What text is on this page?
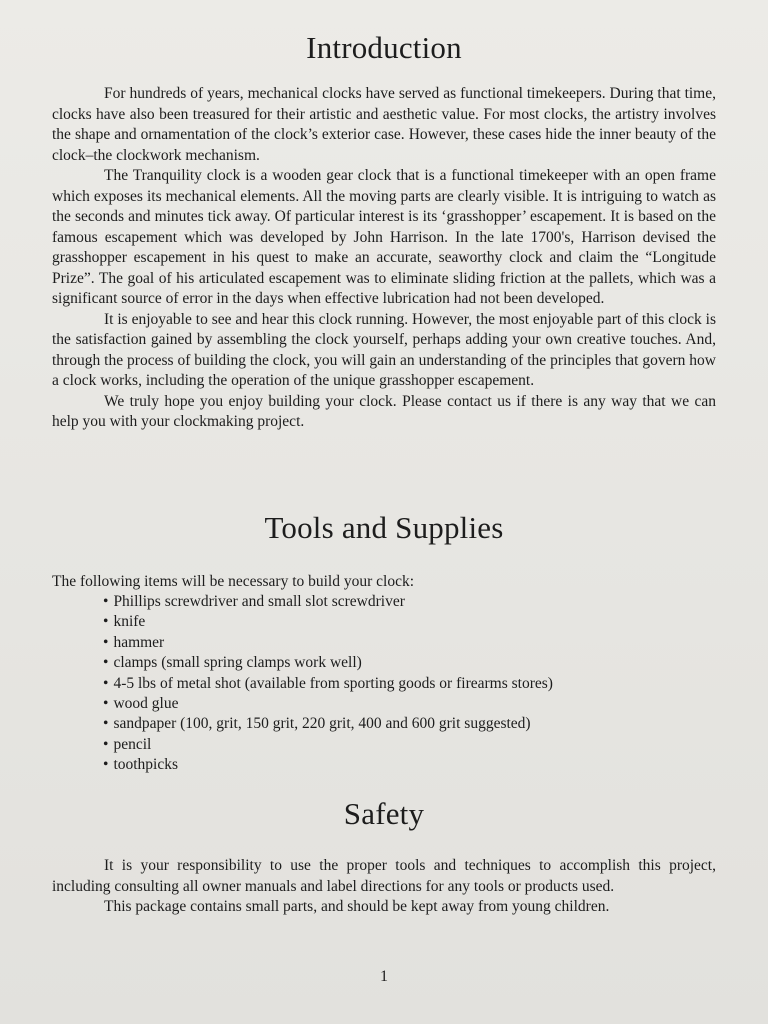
Introduction

For hundreds of years, mechanical clocks have served as functional timekeepers. During that time, clocks have also been treasured for their artistic and aesthetic value. For most clocks, the artistry involves the shape and ornamentation of the clock’s exterior case. However, these cases hide the inner beauty of the clock–the clockwork mechanism.

The Tranquility clock is a wooden gear clock that is a functional timekeeper with an open frame which exposes its mechanical elements. All the moving parts are clearly visible. It is intriguing to watch as the seconds and minutes tick away. Of particular interest is its ‘grasshopper’ escapement. It is based on the famous escapement which was developed by John Harrison. In the late 1700's, Harrison devised the grasshopper escapement in his quest to make an accurate, seaworthy clock and claim the “Longitude Prize”. The goal of his articulated escapement was to eliminate sliding friction at the pallets, which was a significant source of error in the days when effective lubrication had not been developed.

It is enjoyable to see and hear this clock running. However, the most enjoyable part of this clock is the satisfaction gained by assembling the clock yourself, perhaps adding your own creative touches. And, through the process of building the clock, you will gain an understanding of the principles that govern how a clock works, including the operation of the unique grasshopper escapement.

We truly hope you enjoy building your clock. Please contact us if there is any way that we can help you with your clockmaking project.

Tools and Supplies
The following items will be necessary to build your clock:
• Phillips screwdriver and small slot screwdriver
• knife
• hammer
• clamps (small spring clamps work well)
• 4-5 lbs of metal shot (available from sporting goods or firearms stores)
• wood glue
• sandpaper (100, grit, 150 grit, 220 grit, 400 and 600 grit suggested)
• pencil
• toothpicks
Safety

It is your responsibility to use the proper tools and techniques to accomplish this project, including consulting all owner manuals and label directions for any tools or products used.

This package contains small parts, and should be kept away from young children.

1
